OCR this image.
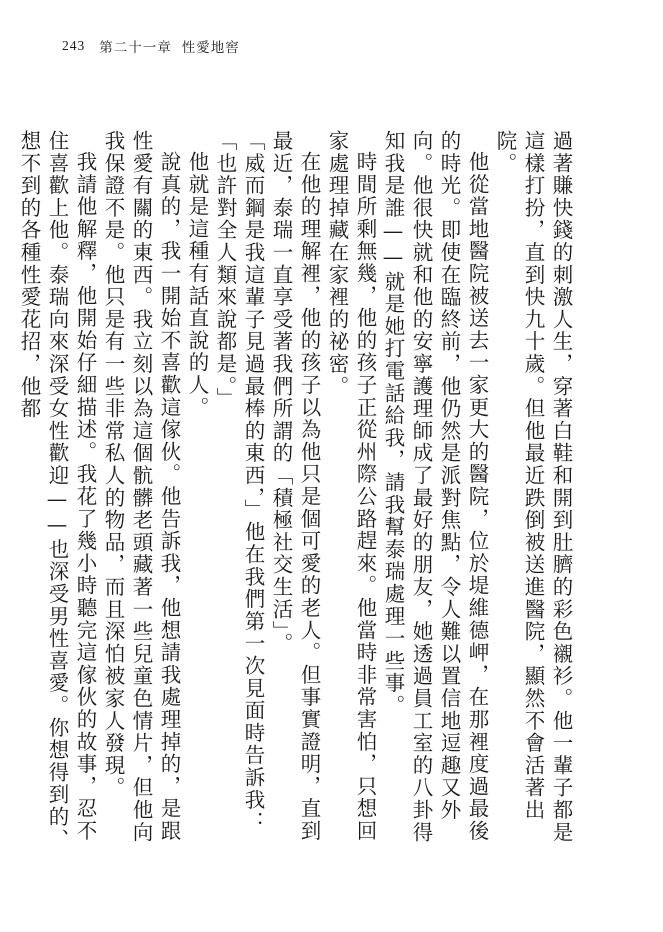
243 第二十一章 性愛地窖

過著賺快錢的刺激人生，穿著白鞋和開到肚臍的彩色襯衫。他一輩子都是這樣打扮，直到快九十歲。但他最近跌倒被送進醫院，顯然不會活著出院。

他從當地醫院被送去一家更大的醫院，位於堤維德岬，在那裡度過最後的時光。即使在臨終前，他仍然是派對焦點，令人難以置信地逗趣又外向。他很快就和他的安寧護理師成了最好的朋友，她透過員工室的八卦得知我是誰——就是她打電話給我，請我幫泰瑞處理一些事。

時間所剩無幾，他的孩子正從州際公路趕來。他當時非常害怕，只想回家處理掉藏在家裡的祕密。

在他的理解裡，他的孩子以為他只是個可愛的老人。但事實證明，直到最近，泰瑞一直享受著我們所謂的「積極社交生活」。

「威而鋼是我這輩子見過最棒的東西，」他在我們第一次見面時告訴我：「也許對全人類來說都是。」

他就是這種有話直說的人。

說真的，我一開始不喜歡這傢伙。他告訴我，他想請我處理掉的，是跟性愛有關的東西。我立刻以為這個骯髒老頭藏著一些兒童色情片，但他向我保證不是。他只是有一些非常私人的物品，而且深怕被家人發現。

我請他解釋，他開始仔細描述。我花了幾小時聽完這傢伙的故事，忍不住喜歡上他。泰瑞向來深受女性歡迎——也深受男性喜愛。你想得到的、想不到的各種性愛花招，他都
